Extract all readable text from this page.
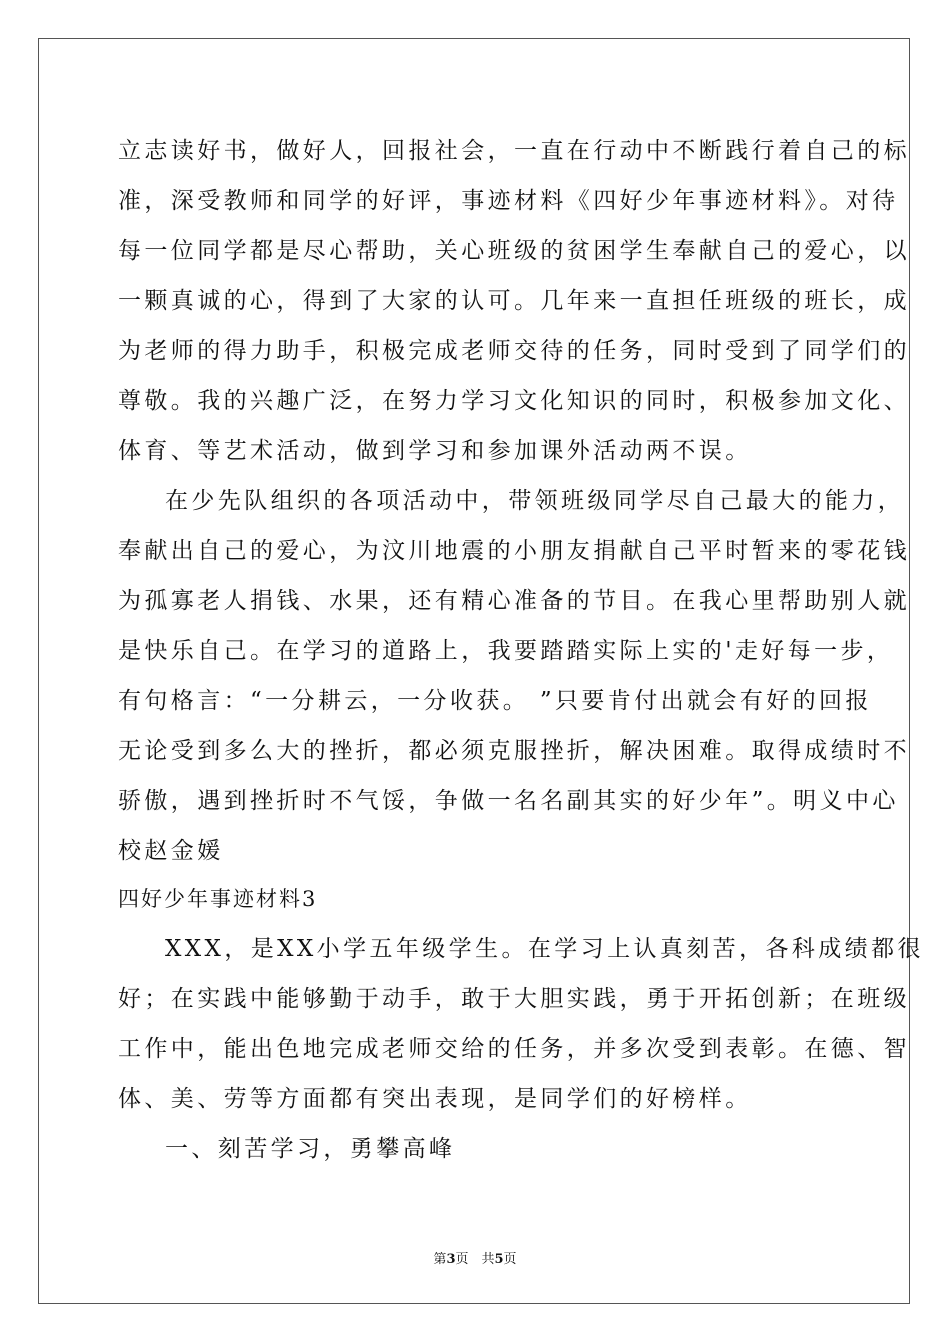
立志读好书，做好人，回报社会，一直在行动中不断践行着自己的标
准，深受教师和同学的好评，事迹材料《四好少年事迹材料》。对待
每一位同学都是尽心帮助，关心班级的贫困学生奉献自己的爱心，以
一颗真诚的心，得到了大家的认可。几年来一直担任班级的班长，成
为老师的得力助手，积极完成老师交待的任务，同时受到了同学们的
尊敬。我的兴趣广泛，在努力学习文化知识的同时，积极参加文化、
体育、等艺术活动，做到学习和参加课外活动两不误。
在少先队组织的各项活动中，带领班级同学尽自己最大的能力，
奉献出自己的爱心，为汶川地震的小朋友捐献自己平时暂来的零花钱
为孤寡老人捐钱、水果，还有精心准备的节目。在我心里帮助别人就
是快乐自己。在学习的道路上，我要踏踏实际上实的'走好每一步，
有句格言：“一分耕云，一分收获。 ”只要肯付出就会有好的回报
无论受到多么大的挫折，都必须克服挫折，解决困难。取得成绩时不
骄傲，遇到挫折时不气馁，争做一名名副其实的好少年”。明义中心
校赵金媛
四好少年事迹材料3
XXX，是XX小学五年级学生。在学习上认真刻苦，各科成绩都很
好；在实践中能够勤于动手，敢于大胆实践，勇于开拓创新；在班级
工作中，能出色地完成老师交给的任务，并多次受到表彰。在德、智
体、美、劳等方面都有突出表现，是同学们的好榜样。
一、刻苦学习，勇攀高峰
第3页　共5页
